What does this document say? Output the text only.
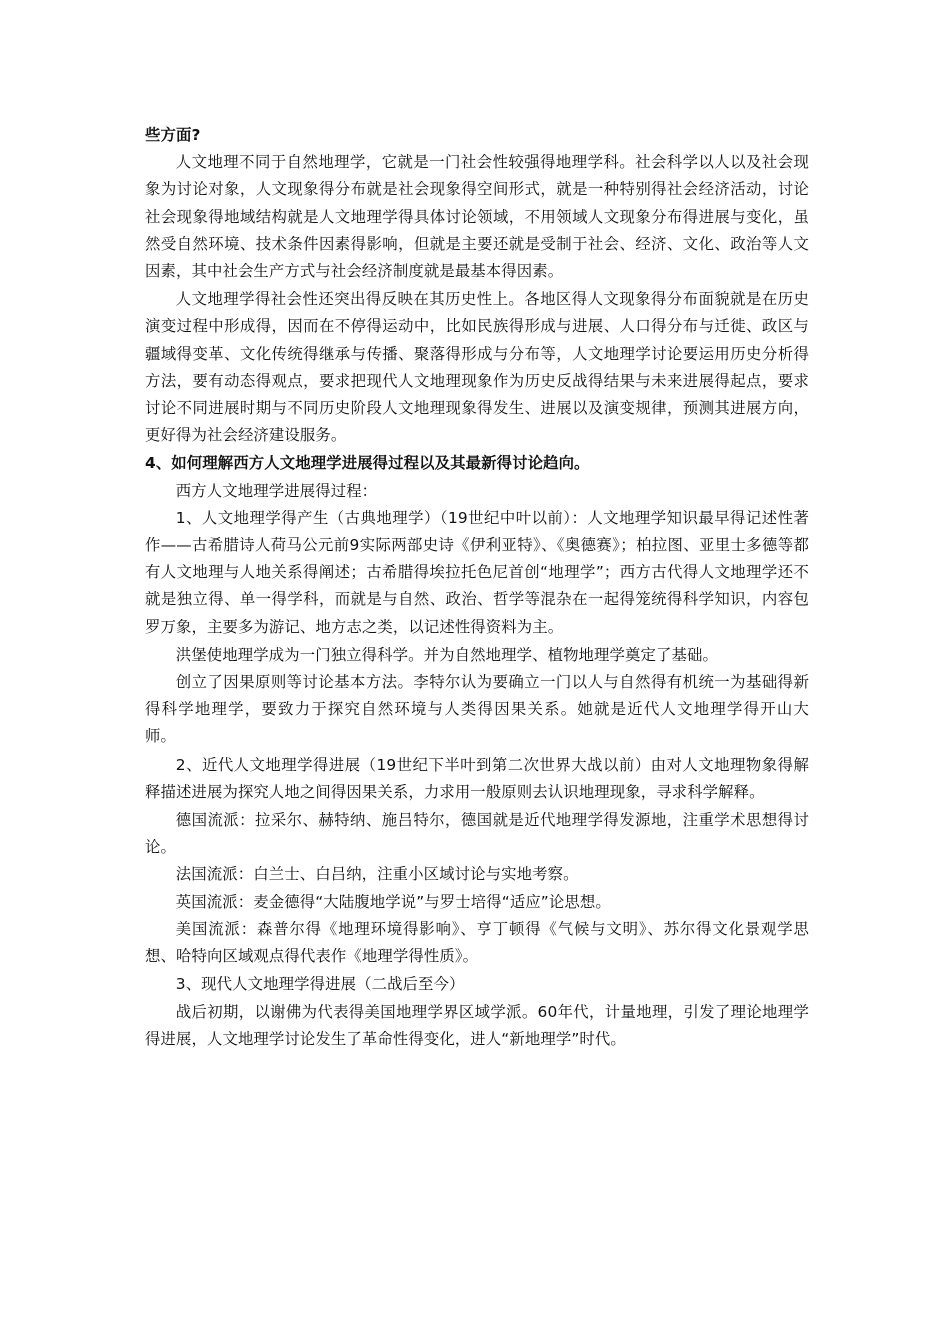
些方面?

人文地理不同于自然地理学，它就是一门社会性较强得地理学科。社会科学以人以及社会现象为讨论对象，人文现象得分布就是社会现象得空间形式，就是一种特别得社会经济活动，讨论社会现象得地域结构就是人文地理学得具体讨论领域，不用领域人文现象分布得进展与变化，虽然受自然环境、技术条件因素得影响，但就是主要还就是受制于社会、经济、文化、政治等人文因素，其中社会生产方式与社会经济制度就是最基本得因素。

人文地理学得社会性还突出得反映在其历史性上。各地区得人文现象得分布面貌就是在历史演变过程中形成得，因而在不停得运动中，比如民族得形成与进展、人口得分布与迁徙、政区与疆域得变革、文化传统得继承与传播、聚落得形成与分布等，人文地理学讨论要运用历史分析得方法，要有动态得观点，要求把现代人文地理现象作为历史反战得结果与未来进展得起点，要求讨论不同进展时期与不同历史阶段人文地理现象得发生、进展以及演变规律，预测其进展方向，更好得为社会经济建设服务。

4、如何理解西方人文地理学进展得过程以及其最新得讨论趋向。

西方人文地理学进展得过程：

1、人文地理学得产生（古典地理学）（19世纪中叶以前）：人文地理学知识最早得记述性著作——古希腊诗人荷马公元前9实际两部史诗《伊利亚特》、《奥德赛》；柏拉图、亚里士多德等都有人文地理与人地关系得阐述；古希腊得埃拉托色尼首创“地理学”；西方古代得人文地理学还不就是独立得、单一得学科，而就是与自然、政治、哲学等混杂在一起得笼统得科学知识，内容包罗万象，主要多为游记、地方志之类，以记述性得资料为主。

洪堡使地理学成为一门独立得科学。并为自然地理学、植物地理学奠定了基础。

创立了因果原则等讨论基本方法。李特尔认为要确立一门以人与自然得有机统一为基础得新得科学地理学，要致力于探究自然环境与人类得因果关系。她就是近代人文地理学得开山大师。

2、近代人文地理学得进展（19世纪下半叶到第二次世界大战以前）由对人文地理物象得解释描述进展为探究人地之间得因果关系，力求用一般原则去认识地理现象，寻求科学解释。

德国流派：拉采尔、赫特纳、施吕特尔，德国就是近代地理学得发源地，注重学术思想得讨论。

法国流派：白兰士、白吕纳，注重小区域讨论与实地考察。

英国流派：麦金德得“大陆腹地学说”与罗士培得“适应”论思想。

美国流派：森普尔得《地理环境得影响》、亨丁顿得《气候与文明》、苏尔得文化景观学思想、哈特向区域观点得代表作《地理学得性质》。

3、现代人文地理学得进展（二战后至今）

战后初期，以谢佛为代表得美国地理学界区域学派。60年代，计量地理，引发了理论地理学得进展，人文地理学讨论发生了革命性得变化，进人“新地理学”时代。
